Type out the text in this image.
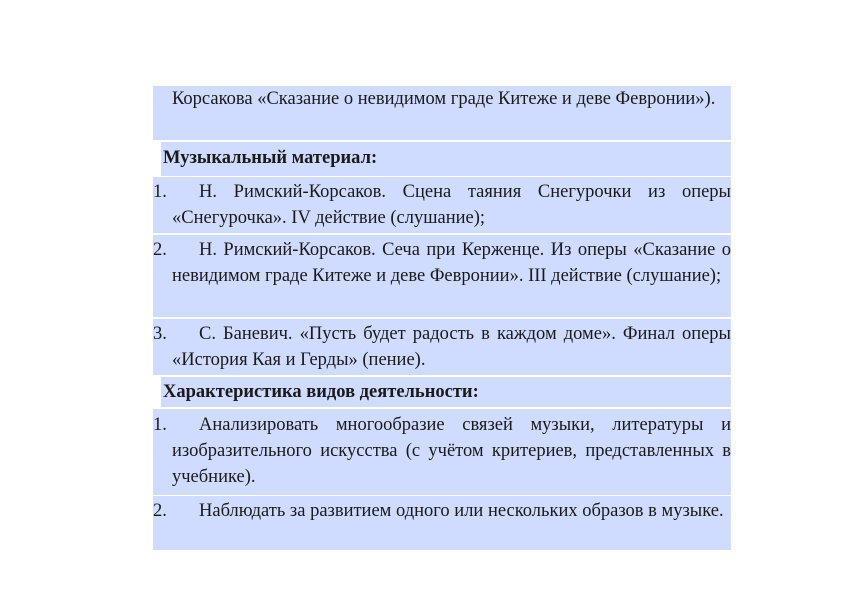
Корсакова «Сказание о невидимом граде Китеже и деве Февронии»).
Музыкальный материал:
1.	Н. Римский-Корсаков. Сцена таяния Снегурочки из оперы «Снегурочка». IV действие (слушание);
2.	Н. Римский-Корсаков. Сеча при Керженце. Из оперы «Сказание о невидимом граде Китеже и деве Февронии». III действие (слушание);
3.	С. Баневич. «Пусть будет радость в каждом доме». Финал оперы «История Кая и Герды» (пение).
Характеристика видов деятельности:
1.	Анализировать многообразие связей музыки, литературы и изобразительного искусства (с учётом критериев, представленных в учебнике).
2.	Наблюдать за развитием одного или нескольких образов в музыке.
